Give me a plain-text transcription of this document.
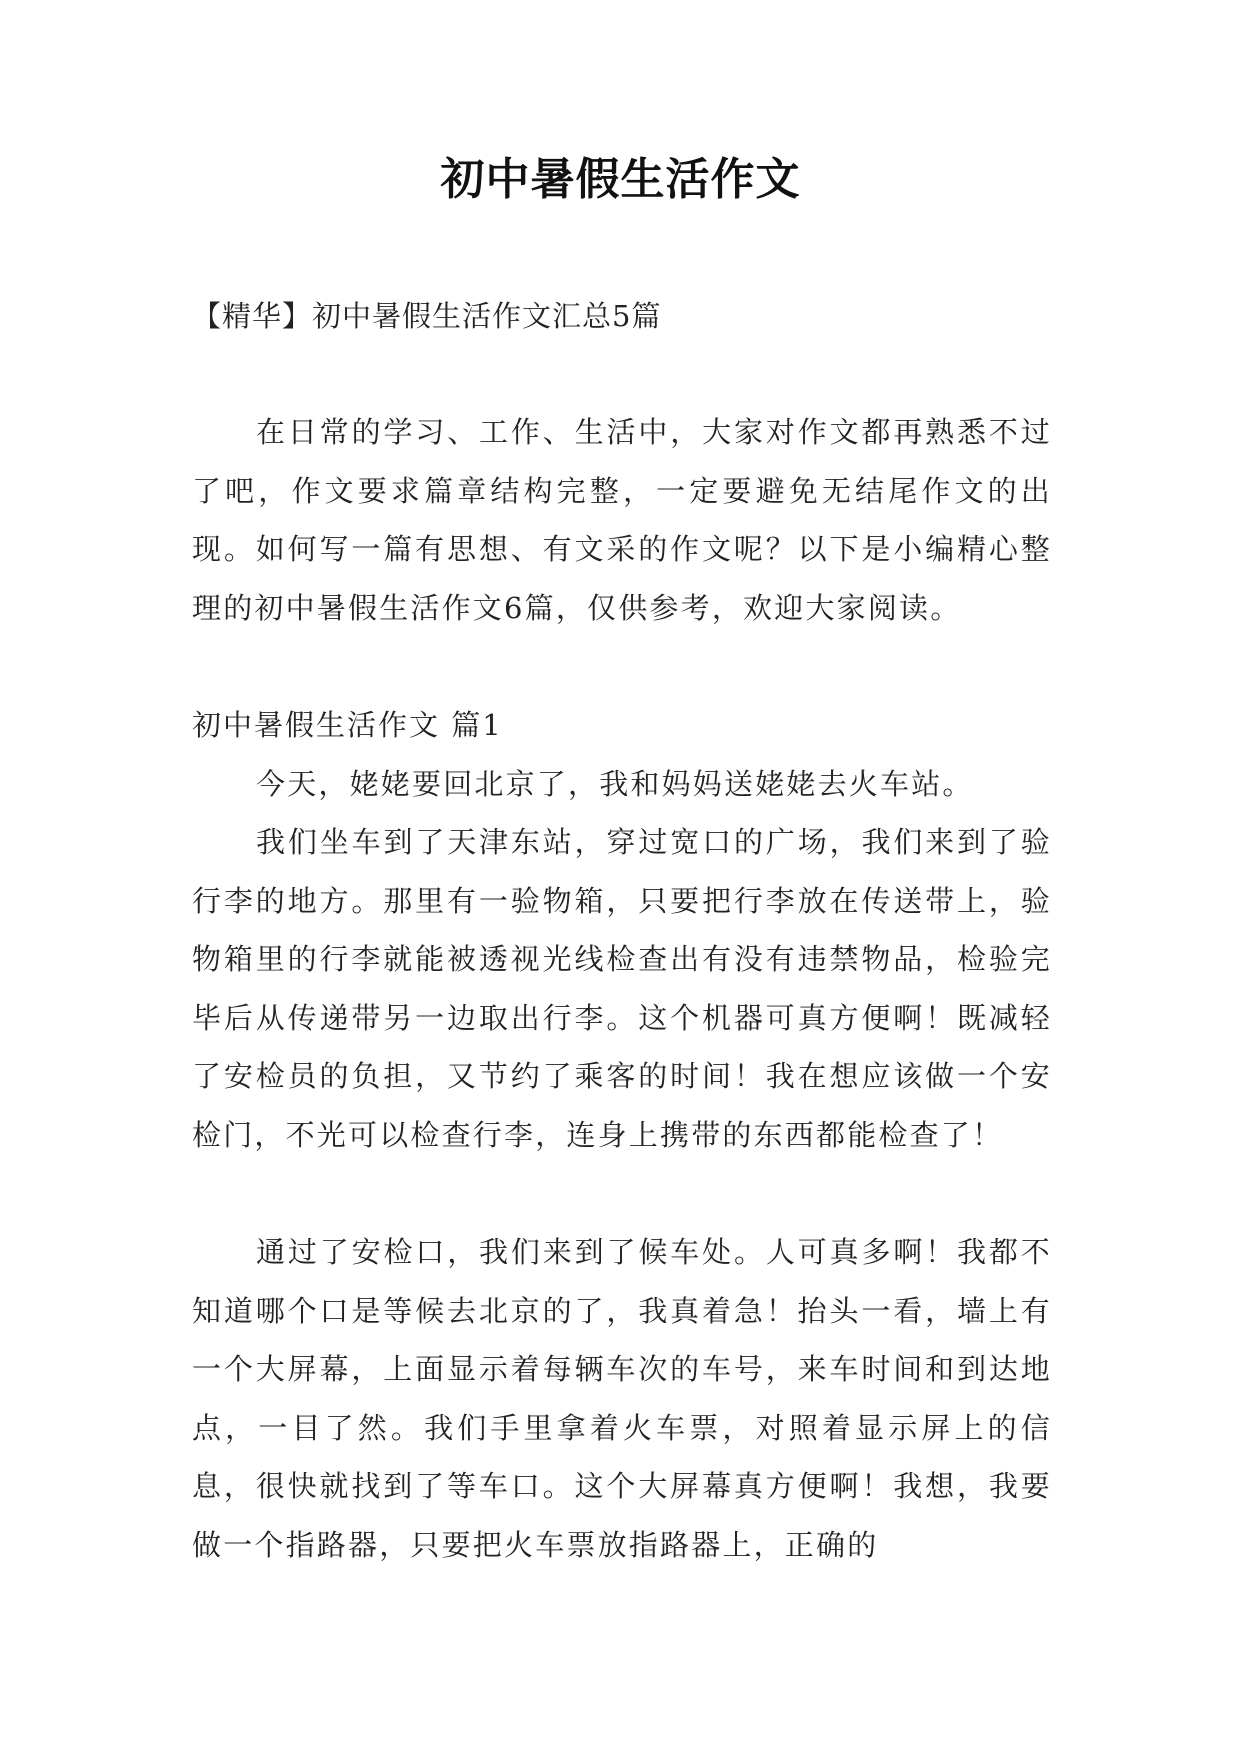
初中暑假生活作文

【精华】初中暑假生活作文汇总5篇

在日常的学习、工作、生活中，大家对作文都再熟悉不过了吧，作文要求篇章结构完整，一定要避免无结尾作文的出现。如何写一篇有思想、有文采的作文呢？以下是小编精心整理的初中暑假生活作文6篇，仅供参考，欢迎大家阅读。

初中暑假生活作文 篇1

今天，姥姥要回北京了，我和妈妈送姥姥去火车站。

我们坐车到了天津东站，穿过宽口的广场，我们来到了验行李的地方。那里有一验物箱，只要把行李放在传送带上，验物箱里的行李就能被透视光线检查出有没有违禁物品，检验完毕后从传递带另一边取出行李。这个机器可真方便啊！既减轻了安检员的负担，又节约了乘客的时间！我在想应该做一个安检门，不光可以检查行李，连身上携带的东西都能检查了！

通过了安检口，我们来到了候车处。人可真多啊！我都不知道哪个口是等候去北京的了，我真着急！抬头一看，墙上有一个大屏幕，上面显示着每辆车次的车号，来车时间和到达地点，一目了然。我们手里拿着火车票，对照着显示屏上的信息，很快就找到了等车口。这个大屏幕真方便啊！我想，我要做一个指路器，只要把火车票放指路器上，正确的
